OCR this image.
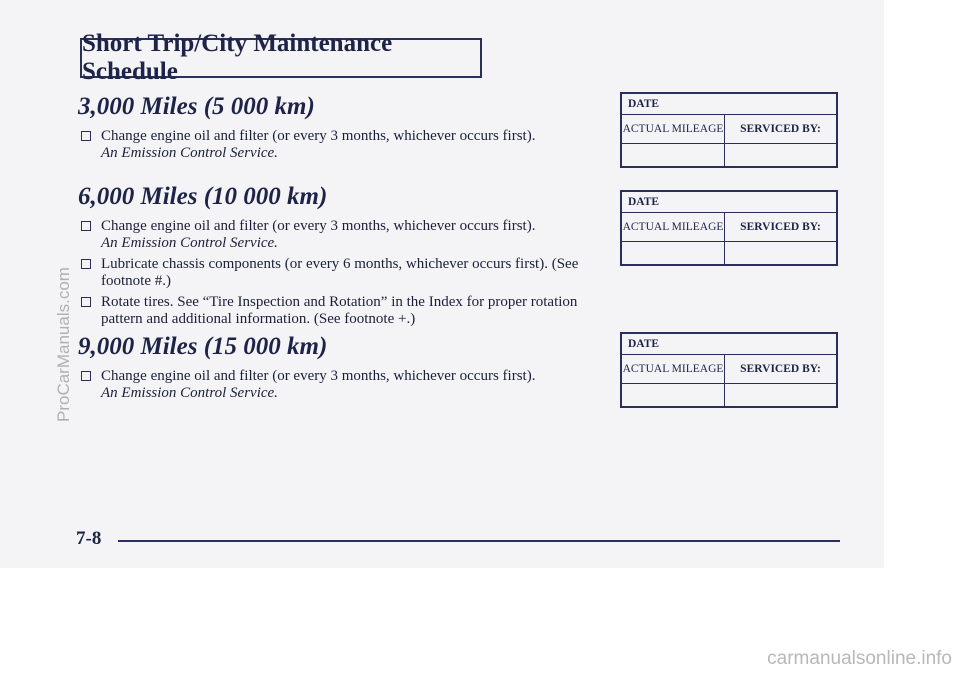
Short Trip/City Maintenance Schedule
3,000 Miles (5 000 km)
Change engine oil and filter (or every 3 months, whichever occurs first).
An Emission Control Service.
6,000 Miles (10 000 km)
Change engine oil and filter (or every 3 months, whichever occurs first).
An Emission Control Service.
Lubricate chassis components (or every 6 months, whichever occurs first). (See footnote #.)
Rotate tires. See “Tire Inspection and Rotation” in the Index for proper rotation pattern and additional information. (See footnote +.)
9,000 Miles (15 000 km)
Change engine oil and filter (or every 3 months, whichever occurs first).
An Emission Control Service.
DATE
ACTUAL MILEAGE	SERVICED BY:
DATE
ACTUAL MILEAGE	SERVICED BY:
DATE
ACTUAL MILEAGE	SERVICED BY:
7-8
ProCarManuals.com
carmanualsonline.info
